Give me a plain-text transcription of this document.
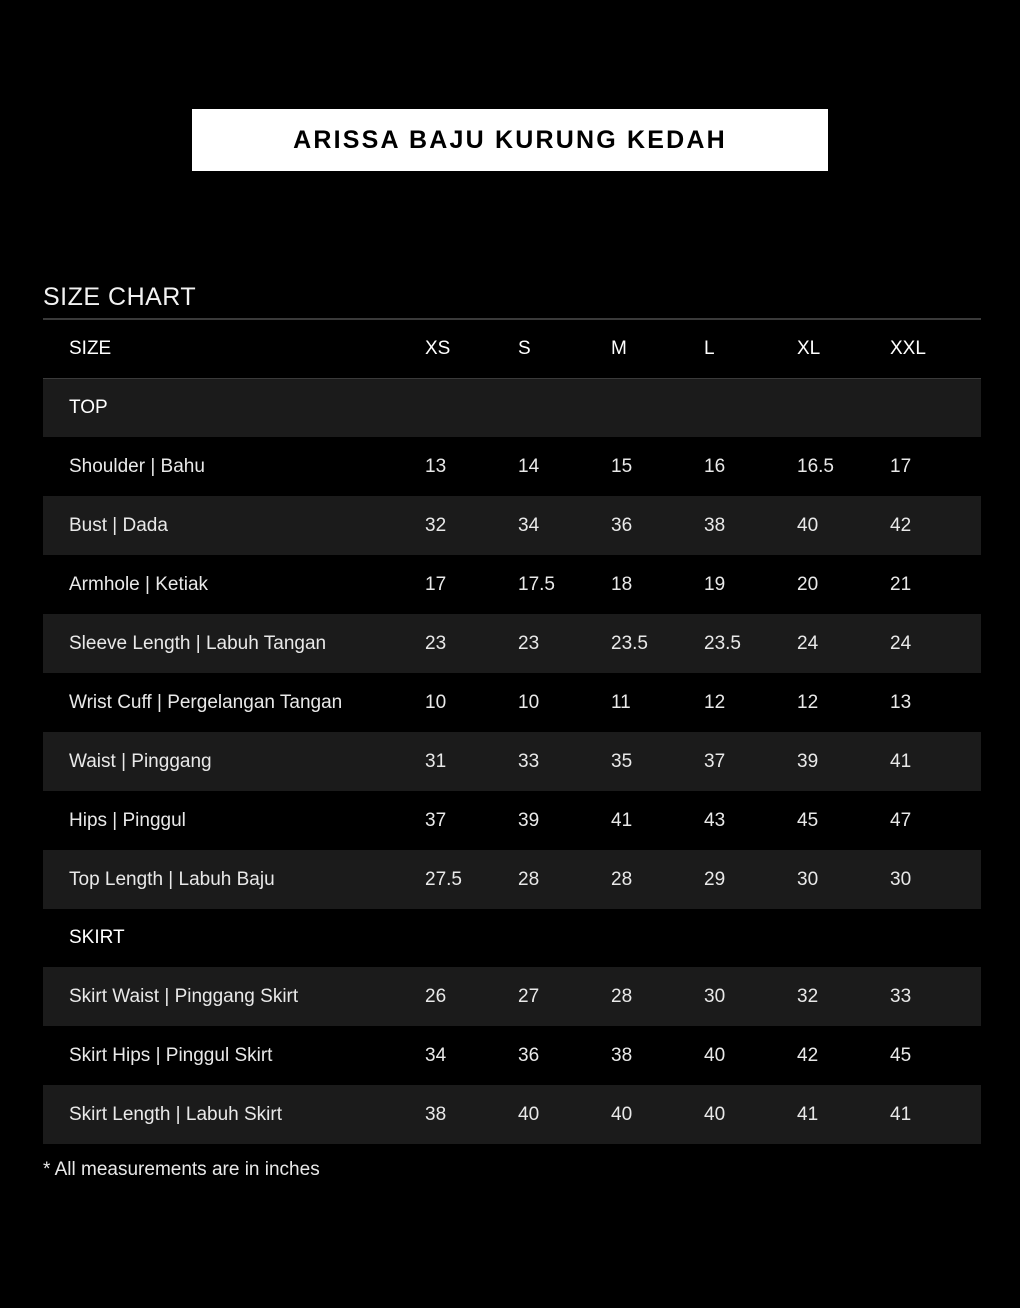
ARISSA BAJU KURUNG KEDAH
SIZE CHART
SIZE	XS	S	M	L	XL	XXL
TOP						
Shoulder | Bahu	13	14	15	16	16.5	17
Bust | Dada	32	34	36	38	40	42
Armhole | Ketiak	17	17.5	18	19	20	21
Sleeve Length | Labuh Tangan	23	23	23.5	23.5	24	24
Wrist Cuff | Pergelangan Tangan	10	10	11	12	12	13
Waist | Pinggang	31	33	35	37	39	41
Hips | Pinggul	37	39	41	43	45	47
Top Length | Labuh Baju	27.5	28	28	29	30	30
SKIRT						
Skirt Waist | Pinggang Skirt	26	27	28	30	32	33
Skirt Hips | Pinggul Skirt	34	36	38	40	42	45
Skirt Length | Labuh Skirt	38	40	40	40	41	41
* All measurements are in inches
